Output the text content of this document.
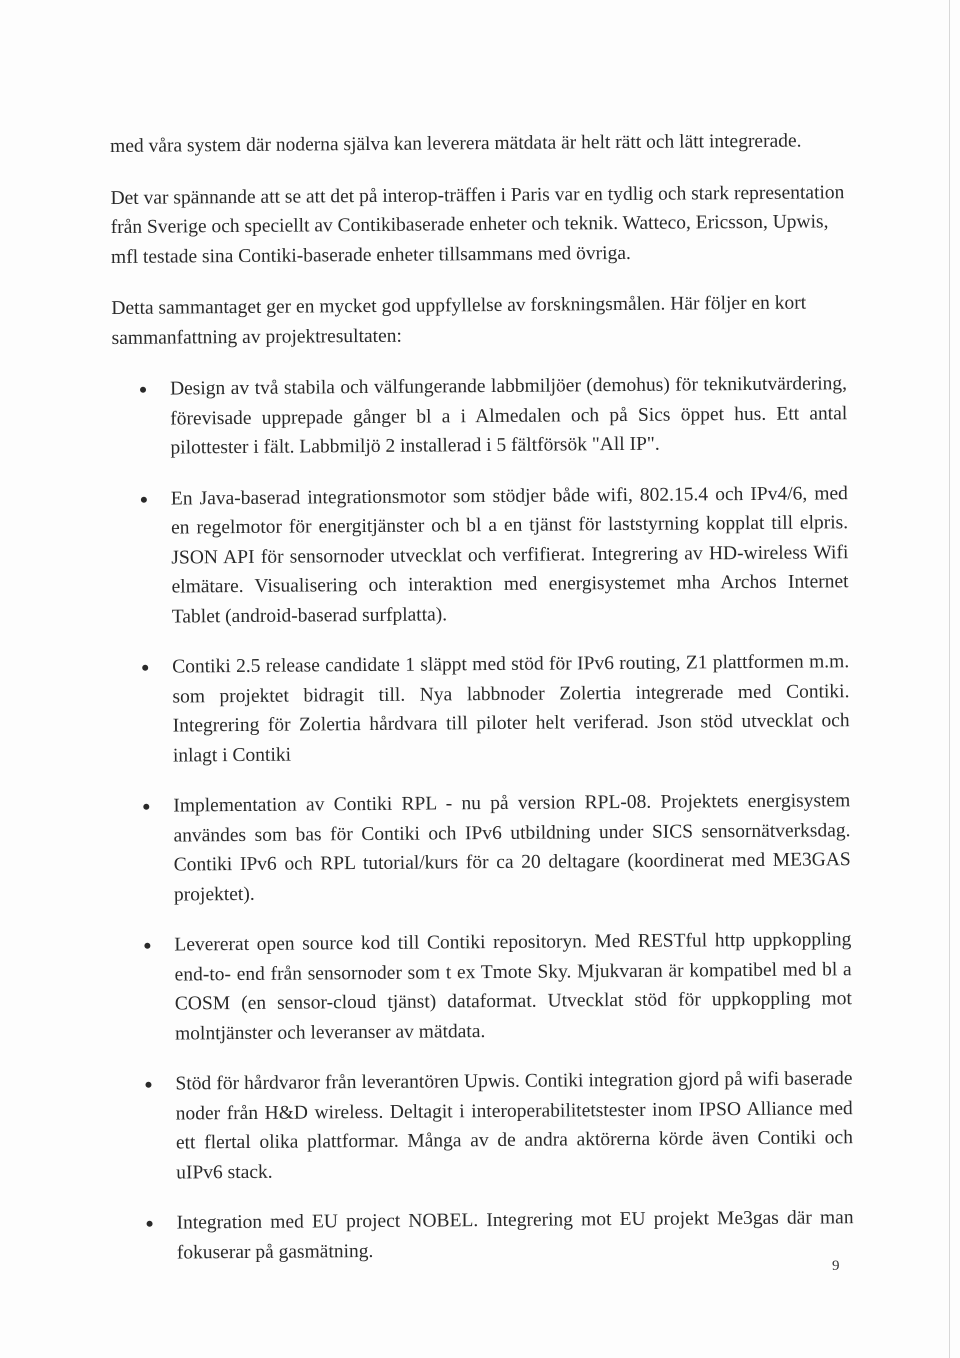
med våra system där noderna själva kan leverera mätdata är helt rätt och lätt integrerade.

Det var spännande att se att det på interop-träffen i Paris var en tydlig och stark representation från Sverige och speciellt av Contikibaserade enheter och teknik. Watteco, Ericsson, Upwis, mfl testade sina Contiki-baserade enheter tillsammans med övriga.

Detta sammantaget ger en mycket god uppfyllelse av forskningsmålen. Här följer en kort sammanfattning av projektresultaten:

Design av två stabila och välfungerande labbmiljöer (demohus) för teknikutvärdering, förevisade upprepade gånger bl a i Almedalen och på Sics öppet hus. Ett antal pilottester i fält. Labbmiljö 2 installerad i 5 fältförsök "All IP".
En Java-baserad integrationsmotor som stödjer både wifi, 802.15.4 och IPv4/6, med en regelmotor för energitjänster och bl a en tjänst för laststyrning kopplat till elpris. JSON API för sensornoder utvecklat och verfifierat. Integrering av HD-wireless Wifi elmätare. Visualisering och interaktion med energisystemet mha Archos Internet Tablet (android-baserad surfplatta).
Contiki 2.5 release candidate 1 släppt med stöd för IPv6 routing, Z1 plattformen m.m. som projektet bidragit till. Nya labbnoder Zolertia integrerade med Contiki. Integrering för Zolertia hårdvara till piloter helt veriferad. Json stöd utvecklat och inlagt i Contiki
Implementation av Contiki RPL - nu på version RPL-08. Projektets energisystem användes som bas för Contiki och IPv6 utbildning under SICS sensornätverksdag. Contiki IPv6 och RPL tutorial/kurs för ca 20 deltagare (koordinerat med ME3GAS projektet).
Levererat open source kod till Contiki repositoryn. Med RESTful http uppkoppling end-to- end från sensornoder som t ex Tmote Sky. Mjukvaran är kompatibel med bl a COSM (en sensor-cloud tjänst) dataformat. Utvecklat stöd för uppkoppling mot molntjänster och leveranser av mätdata.
Stöd för hårdvaror från leverantören Upwis. Contiki integration gjord på wifi baserade noder från H&D wireless. Deltagit i interoperabilitetstester inom IPSO Alliance med ett flertal olika plattformar. Många av de andra aktörerna körde även Contiki och uIPv6 stack.
Integration med EU project NOBEL. Integrering mot EU projekt Me3gas där man fokuserar på gasmätning.
9
